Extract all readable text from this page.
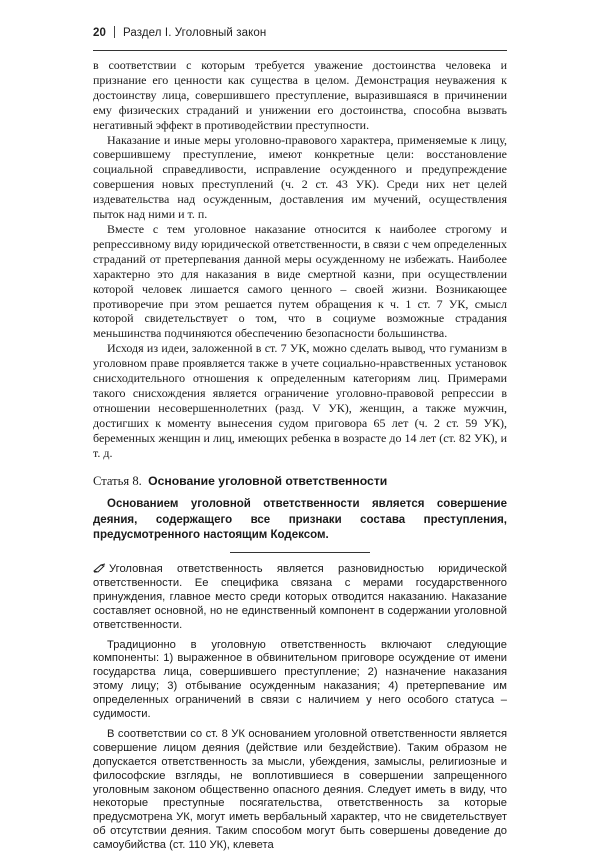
20 Раздел I. Уголовный закон

в соответствии с которым требуется уважение достоинства человека и признание его ценности как существа в целом. Демонстрация неуважения к достоинству лица, совершившего преступление, выразившаяся в причинении ему физических страданий и унижении его достоинства, способна вызвать негативный эффект в противодействии преступности.

Наказание и иные меры уголовно-правового характера, применяемые к лицу, совершившему преступление, имеют конкретные цели: восстановление социальной справедливости, исправление осужденного и предупреждение совершения новых преступлений (ч. 2 ст. 43 УК). Среди них нет целей издевательства над осужденным, доставления им мучений, осуществления пыток над ними и т. п.

Вместе с тем уголовное наказание относится к наиболее строгому и репрессивному виду юридической ответственности, в связи с чем определенных страданий от претерпевания данной меры осужденному не избежать. Наиболее характерно это для наказания в виде смертной казни, при осуществлении которой человек лишается самого ценного – своей жизни. Возникающее противоречие при этом решается путем обращения к ч. 1 ст. 7 УК, смысл которой свидетельствует о том, что в социуме возможные страдания меньшинства подчиняются обеспечению безопасности большинства.

Исходя из идеи, заложенной в ст. 7 УК, можно сделать вывод, что гуманизм в уголовном праве проявляется также в учете социально-нравственных установок снисходительного отношения к определенным категориям лиц. Примерами такого снисхождения является ограничение уголовно-правовой репрессии в отношении несовершеннолетних (разд. V УК), женщин, а также мужчин, достигших к моменту вынесения судом приговора 65 лет (ч. 2 ст. 59 УК), беременных женщин и лиц, имеющих ребенка в возрасте до 14 лет (ст. 82 УК), и т. д.

Статья 8. Основание уголовной ответственности

Основанием уголовной ответственности является совершение деяния, содержащего все признаки состава преступления, предусмотренного настоящим Кодексом.

Уголовная ответственность является разновидностью юридической ответственности. Ее специфика связана с мерами государственного принуждения, главное место среди которых отводится наказанию. Наказание составляет основной, но не единственный компонент в содержании уголовной ответственности.

Традиционно в уголовную ответственность включают следующие компоненты: 1) выраженное в обвинительном приговоре осуждение от имени государства лица, совершившего преступление; 2) назначение наказания этому лицу; 3) отбывание осужденным наказания; 4) претерпевание им определенных ограничений в связи с наличием у него особого статуса – судимости.

В соответствии со ст. 8 УК основанием уголовной ответственности является совершение лицом деяния (действие или бездействие). Таким образом не допускается ответственность за мысли, убеждения, замыслы, религиозные и философские взгляды, не воплотившиеся в совершении запрещенного уголовным законом общественно опасного деяния. Следует иметь в виду, что некоторые преступные посягательства, ответственность за которые предусмотрена УК, могут иметь вербальный характер, что не свидетельствует об отсутствии деяния. Таким способом могут быть совершены доведение до самоубийства (ст. 110 УК), клевета
